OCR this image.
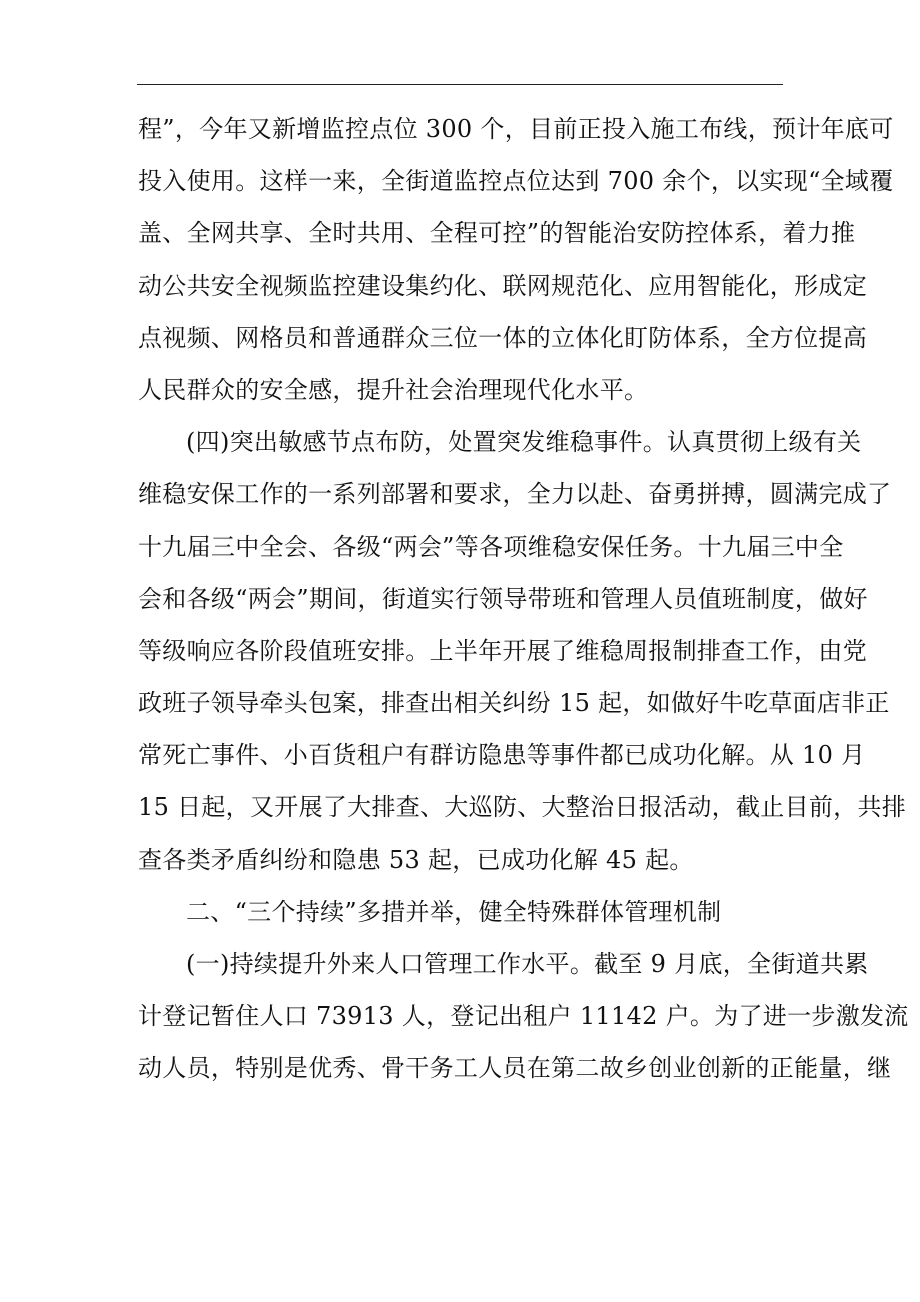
程”，今年又新增监控点位 300 个，目前正投入施工布线，预计年底可
投入使用。这样一来，全街道监控点位达到 700 余个，以实现“全域覆
盖、全网共享、全时共用、全程可控”的智能治安防控体系，着力推
动公共安全视频监控建设集约化、联网规范化、应用智能化，形成定
点视频、网格员和普通群众三位一体的立体化盯防体系，全方位提高
人民群众的安全感，提升社会治理现代化水平。
(四)突出敏感节点布防，处置突发维稳事件。认真贯彻上级有关
维稳安保工作的一系列部署和要求，全力以赴、奋勇拼搏，圆满完成了
十九届三中全会、各级“两会”等各项维稳安保任务。十九届三中全
会和各级“两会”期间，街道实行领导带班和管理人员值班制度，做好
等级响应各阶段值班安排。上半年开展了维稳周报制排查工作，由党
政班子领导牵头包案，排查出相关纠纷 15 起，如做好牛吃草面店非正
常死亡事件、小百货租户有群访隐患等事件都已成功化解。从 10 月
15 日起，又开展了大排查、大巡防、大整治日报活动，截止目前，共排
查各类矛盾纠纷和隐患 53 起，已成功化解 45 起。
二、“三个持续”多措并举，健全特殊群体管理机制
(一)持续提升外来人口管理工作水平。截至 9 月底，全街道共累
计登记暂住人口 73913 人，登记出租户 11142 户。为了进一步激发流
动人员，特别是优秀、骨干务工人员在第二故乡创业创新的正能量，继
